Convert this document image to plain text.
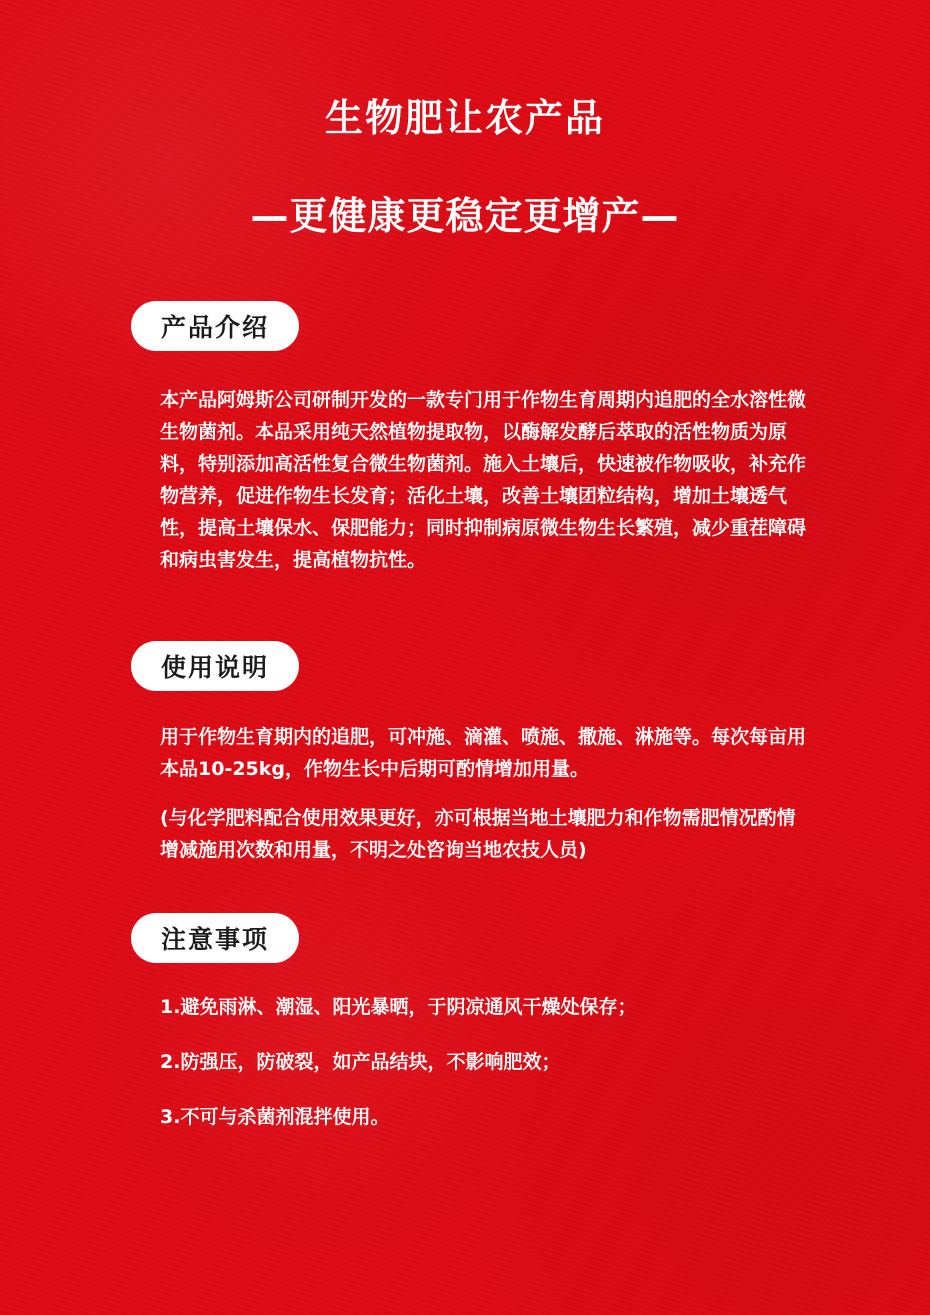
生物肥让农产品
—更健康更稳定更增产—
产品介绍
本产品阿姆斯公司研制开发的一款专门用于作物生育周期内追肥的全水溶性微生物菌剂。本品采用纯天然植物提取物，以酶解发酵后萃取的活性物质为原料，特别添加高活性复合微生物菌剂。施入土壤后，快速被作物吸收，补充作物营养，促进作物生长发育；活化土壤，改善土壤团粒结构，增加土壤透气性，提高土壤保水、保肥能力；同时抑制病原微生物生长繁殖，减少重茬障碍和病虫害发生，提高植物抗性。
使用说明
用于作物生育期内的追肥，可冲施、滴灌、喷施、撒施、淋施等。每次每亩用本品10-25kg，作物生长中后期可酌情增加用量。
(与化学肥料配合使用效果更好，亦可根据当地土壤肥力和作物需肥情况酌情增减施用次数和用量，不明之处咨询当地农技人员)
注意事项
1.避免雨淋、潮湿、阳光暴晒，于阴凉通风干燥处保存；
2.防强压，防破裂，如产品结块，不影响肥效；
3.不可与杀菌剂混拌使用。
